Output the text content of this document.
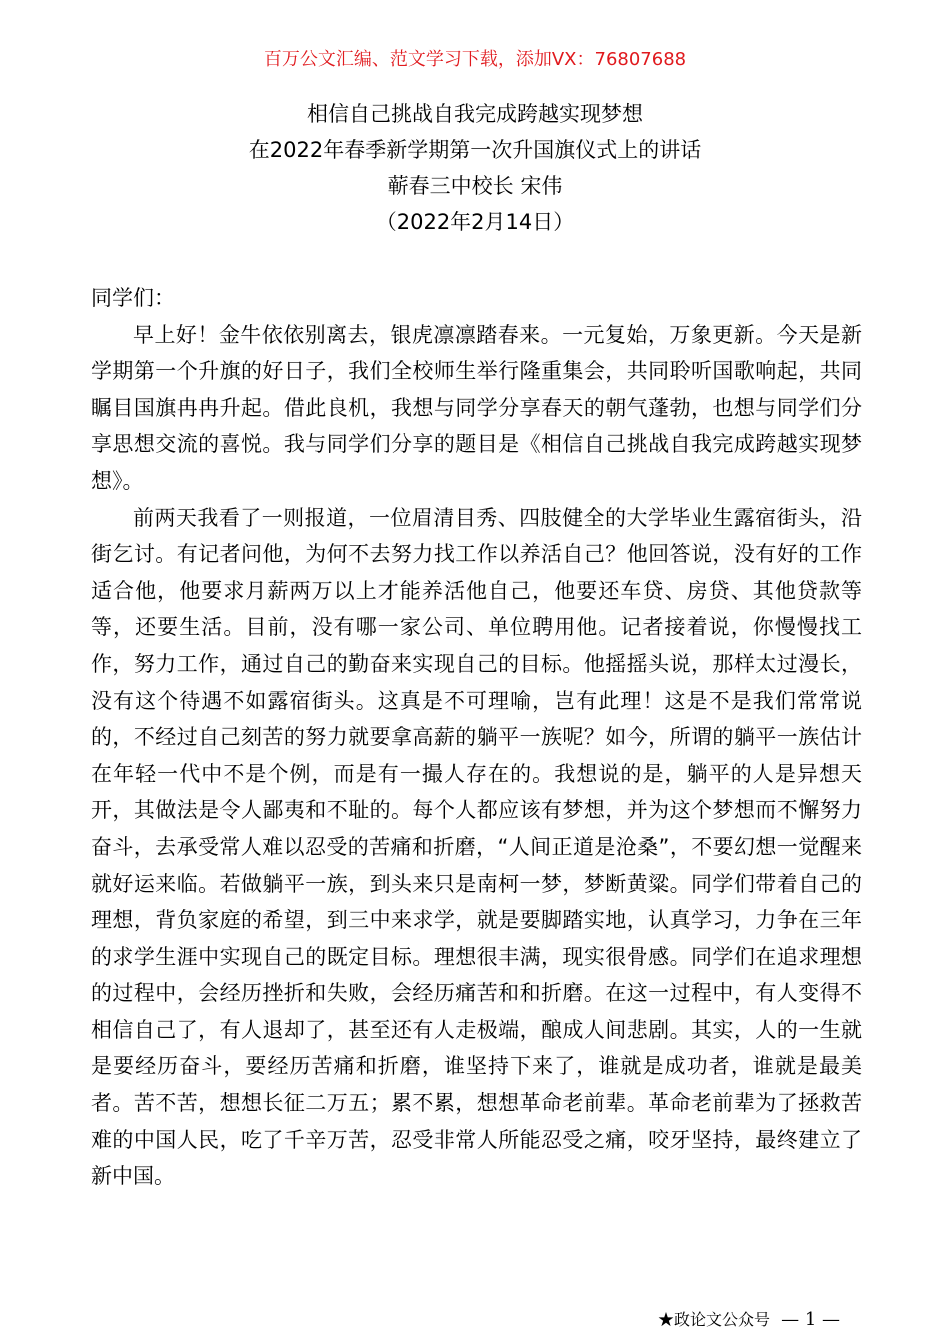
百万公文汇编、范文学习下载，添加VX：76807688
相信自己挑战自我完成跨越实现梦想
在2022年春季新学期第一次升国旗仪式上的讲话
蕲春三中校长 宋伟
（2022年2月14日）

同学们：

早上好！金牛依依别离去，银虎凛凛踏春来。一元复始，万象更新。今天是新学期第一个升旗的好日子，我们全校师生举行隆重集会，共同聆听国歌响起，共同瞩目国旗冉冉升起。借此良机，我想与同学分享春天的朝气蓬勃，也想与同学们分享思想交流的喜悦。我与同学们分享的题目是《相信自己挑战自我完成跨越实现梦想》。

前两天我看了一则报道，一位眉清目秀、四肢健全的大学毕业生露宿街头，沿街乞讨。有记者问他，为何不去努力找工作以养活自己？他回答说，没有好的工作适合他，他要求月薪两万以上才能养活他自己，他要还车贷、房贷、其他贷款等等，还要生活。目前，没有哪一家公司、单位聘用他。记者接着说，你慢慢找工作，努力工作，通过自己的勤奋来实现自己的目标。他摇摇头说，那样太过漫长，没有这个待遇不如露宿街头。这真是不可理喻，岂有此理！这是不是我们常常说的，不经过自己刻苦的努力就要拿高薪的躺平一族呢？如今，所谓的躺平一族估计在年轻一代中不是个例，而是有一撮人存在的。我想说的是，躺平的人是异想天开，其做法是令人鄙夷和不耻的。每个人都应该有梦想，并为这个梦想而不懈努力奋斗，去承受常人难以忍受的苦痛和折磨，“人间正道是沧桑”，不要幻想一觉醒来就好运来临。若做躺平一族，到头来只是南柯一梦，梦断黄粱。同学们带着自己的理想，背负家庭的希望，到三中来求学，就是要脚踏实地，认真学习，力争在三年的求学生涯中实现自己的既定目标。理想很丰满，现实很骨感。同学们在追求理想的过程中，会经历挫折和失败，会经历痛苦和和折磨。在这一过程中，有人变得不相信自己了，有人退却了，甚至还有人走极端，酿成人间悲剧。其实，人的一生就是要经历奋斗，要经历苦痛和折磨，谁坚持下来了，谁就是成功者，谁就是最美者。苦不苦，想想长征二万五；累不累，想想革命老前辈。革命老前辈为了拯救苦难的中国人民，吃了千辛万苦，忍受非常人所能忍受之痛，咬牙坚持，最终建立了新中国。

★政论文公众号 — 1 —
